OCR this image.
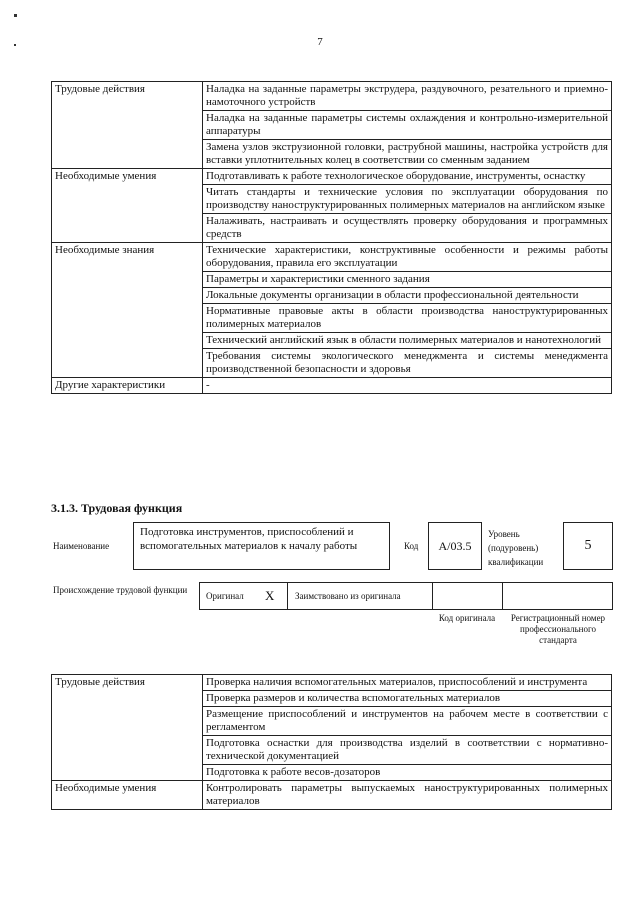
7
Трудовые действия	Наладка на заданные параметры экструдера, раздувочного, резательного и приемно-намоточного устройств
	Наладка на заданные параметры системы охлаждения и контрольно-измерительной аппаратуры
	Замена узлов экструзионной головки, раструбной машины, настройка устройств для вставки уплотнительных колец в соответствии со сменным заданием
Необходимые умения	Подготавливать к работе технологическое оборудование, инструменты, оснастку
	Читать стандарты и технические условия по эксплуатации оборудования по производству наноструктурированных полимерных материалов на английском языке
	Налаживать, настраивать и осуществлять проверку оборудования и программных средств
Необходимые знания	Технические характеристики, конструктивные особенности и режимы работы оборудования, правила его эксплуатации
	Параметры и характеристики сменного задания
	Локальные документы организации в области профессиональной деятельности
	Нормативные правовые акты в области производства наноструктурированных полимерных материалов
	Технический английский язык в области полимерных материалов и нанотехнологий
	Требования системы экологического менеджмента и системы менеджмента производственной безопасности и здоровья
Другие характеристики	-
3.1.3. Трудовая функция
Наименование
Подготовка инструментов, приспособлений и вспомогательных материалов к началу работы	Код	A/03.5
Уровень (подуровень) квалификации
5
Происхождение трудовой функции
Оригинал X Заимствовано из оригинала
Код оригинала	Регистрационный номер профессионального стандарта
Трудовые действия	Проверка наличия вспомогательных материалов, приспособлений и инструмента
	Проверка размеров и количества вспомогательных материалов
	Размещение приспособлений и инструментов на рабочем месте в соответствии с регламентом
	Подготовка оснастки для производства изделий в соответствии с нормативно-технической документацией
	Подготовка к работе весов-дозаторов
Необходимые умения	Контролировать параметры выпускаемых наноструктурированных полимерных материалов
